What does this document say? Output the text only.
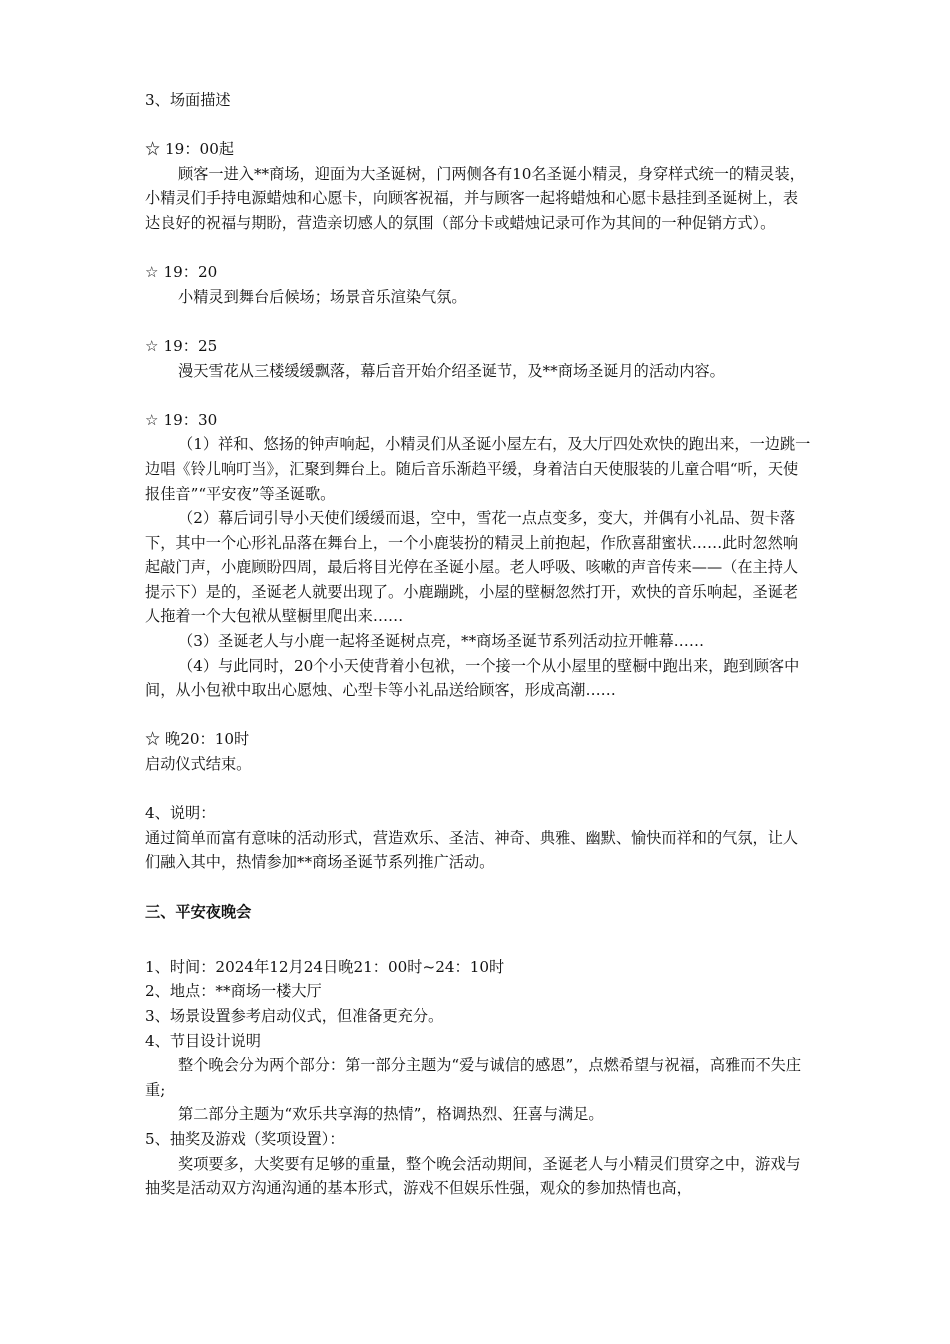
3、场面描述

☆ 19：00起

顾客一进入**商场，迎面为大圣诞树，门两侧各有10名圣诞小精灵，身穿样式统一的精灵装，小精灵们手持电源蜡烛和心愿卡，向顾客祝福，并与顾客一起将蜡烛和心愿卡悬挂到圣诞树上，表达良好的祝福与期盼，营造亲切感人的氛围（部分卡或蜡烛记录可作为其间的一种促销方式）。

☆ 19：20

小精灵到舞台后候场；场景音乐渲染气氛。

☆ 19：25

漫天雪花从三楼缓缓飘落，幕后音开始介绍圣诞节，及**商场圣诞月的活动内容。

☆ 19：30

（1）祥和、悠扬的钟声响起，小精灵们从圣诞小屋左右，及大厅四处欢快的跑出来，一边跳一边唱《铃儿响叮当》，汇聚到舞台上。随后音乐渐趋平缓，身着洁白天使服装的儿童合唱“听，天使报佳音”“平安夜”等圣诞歌。

（2）幕后词引导小天使们缓缓而退，空中，雪花一点点变多，变大，并偶有小礼品、贺卡落下，其中一个心形礼品落在舞台上，一个小鹿装扮的精灵上前抱起，作欣喜甜蜜状……此时忽然响起敲门声，小鹿顾盼四周，最后将目光停在圣诞小屋。老人呼吸、咳嗽的声音传来——（在主持人提示下）是的，圣诞老人就要出现了。小鹿蹦跳，小屋的壁橱忽然打开，欢快的音乐响起，圣诞老人拖着一个大包袱从壁橱里爬出来……

（3）圣诞老人与小鹿一起将圣诞树点亮，**商场圣诞节系列活动拉开帷幕……

（4）与此同时，20个小天使背着小包袱，一个接一个从小屋里的壁橱中跑出来，跑到顾客中间，从小包袱中取出心愿烛、心型卡等小礼品送给顾客，形成高潮……

☆ 晚20：10时

启动仪式结束。

4、说明：

通过简单而富有意味的活动形式，营造欢乐、圣洁、神奇、典雅、幽默、愉快而祥和的气氛，让人们融入其中，热情参加**商场圣诞节系列推广活动。

三、平安夜晚会

1、时间：2024年12月24日晚21：00时~24：10时

2、地点：**商场一楼大厅

3、场景设置参考启动仪式，但准备更充分。

4、节目设计说明

整个晚会分为两个部分：第一部分主题为“爱与诚信的感恩”，点燃希望与祝福，高雅而不失庄重;

第二部分主题为“欢乐共享海的热情”，格调热烈、狂喜与满足。

5、抽奖及游戏（奖项设置）：

奖项要多，大奖要有足够的重量，整个晚会活动期间，圣诞老人与小精灵们贯穿之中，游戏与抽奖是活动双方沟通沟通的基本形式，游戏不但娱乐性强，观众的参加热情也高，
